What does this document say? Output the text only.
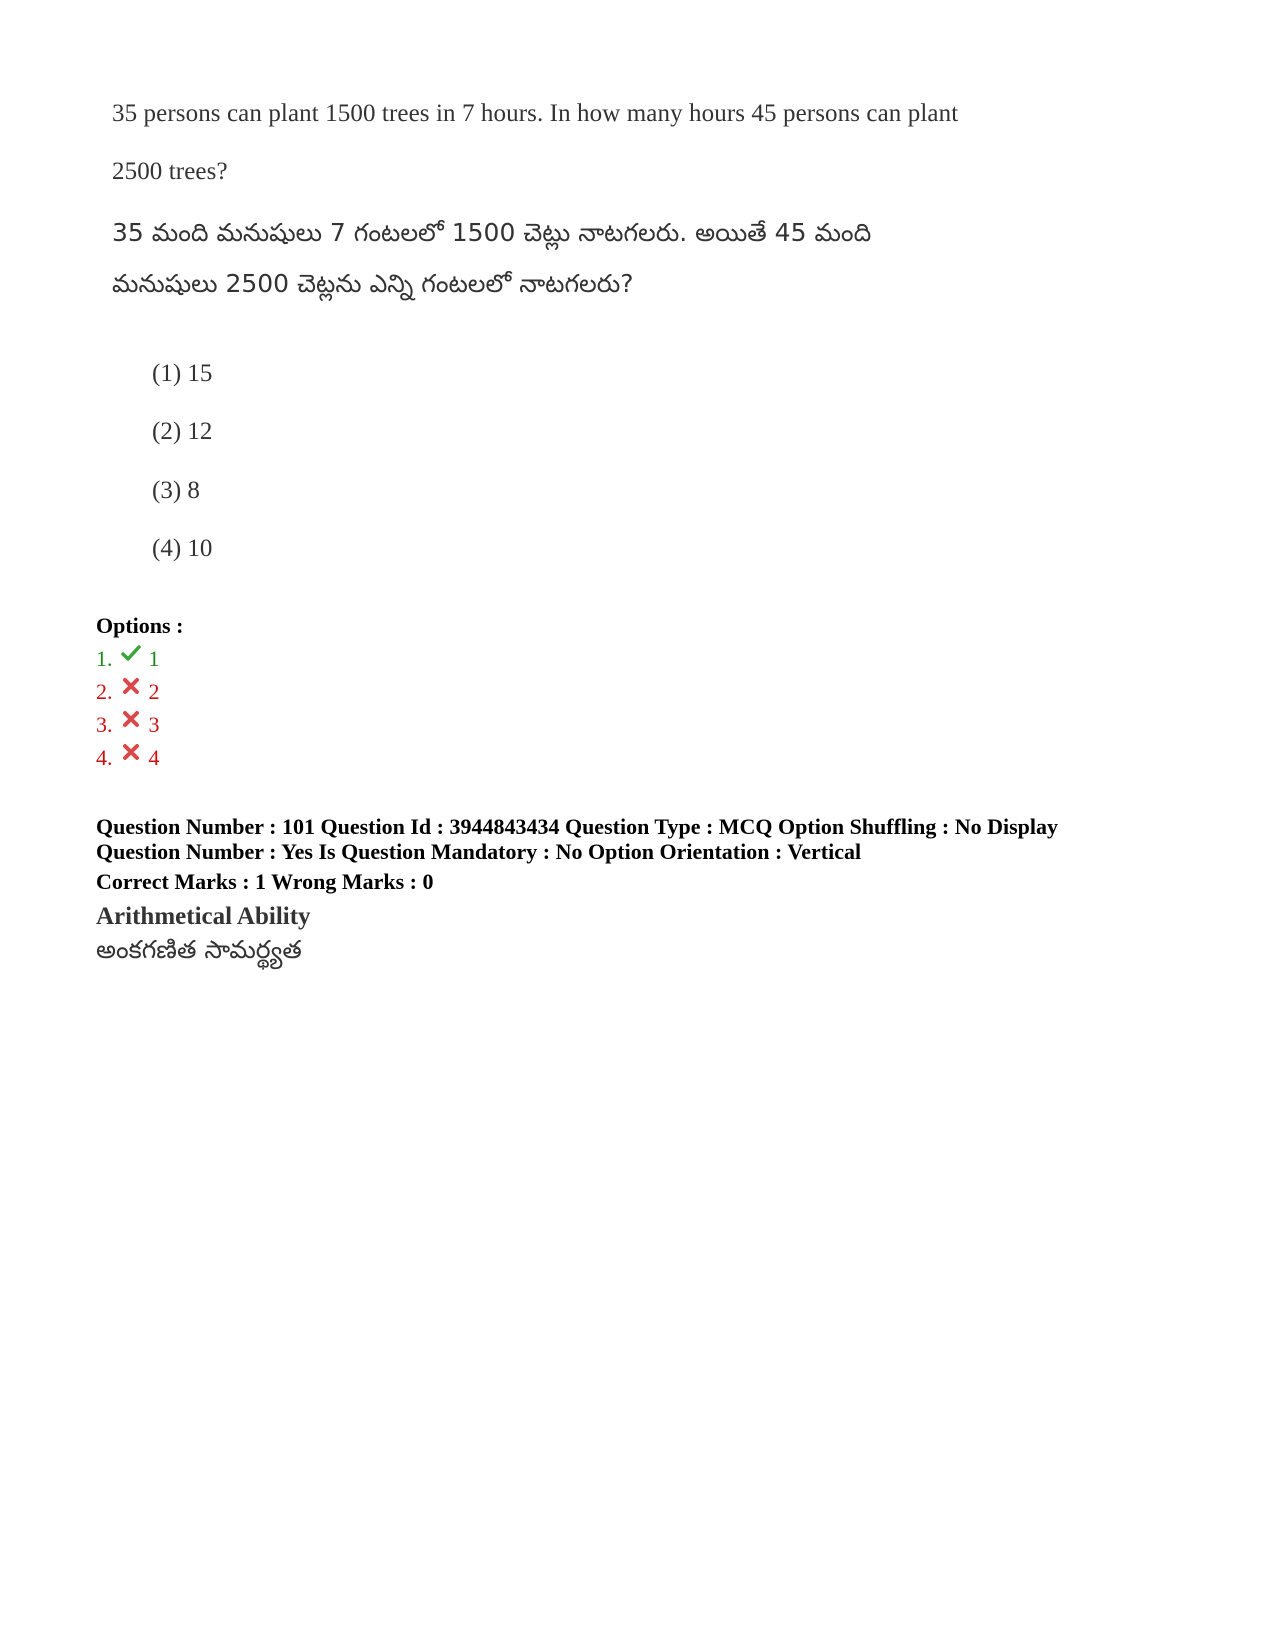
35 persons can plant 1500 trees in 7 hours. In how many hours 45 persons can plant
2500 trees?
35 మంది మనుషులు 7 గంటలలో 1500 చెట్లు నాటగలరు. అయితే 45 మంది
మనుషులు 2500 చెట్లను ఎన్ని గంటలలో నాటగలరు?
(1) 15
(2) 12
(3) 8
(4) 10
Options :
1. 1
2. 2
3. 3
4. 4
Question Number : 101 Question Id : 3944843434 Question Type : MCQ Option Shuffling : No Display
Question Number : Yes Is Question Mandatory : No Option Orientation : Vertical
Correct Marks : 1 Wrong Marks : 0
Arithmetical Ability
అంకగణిత సామర్థ్యత
